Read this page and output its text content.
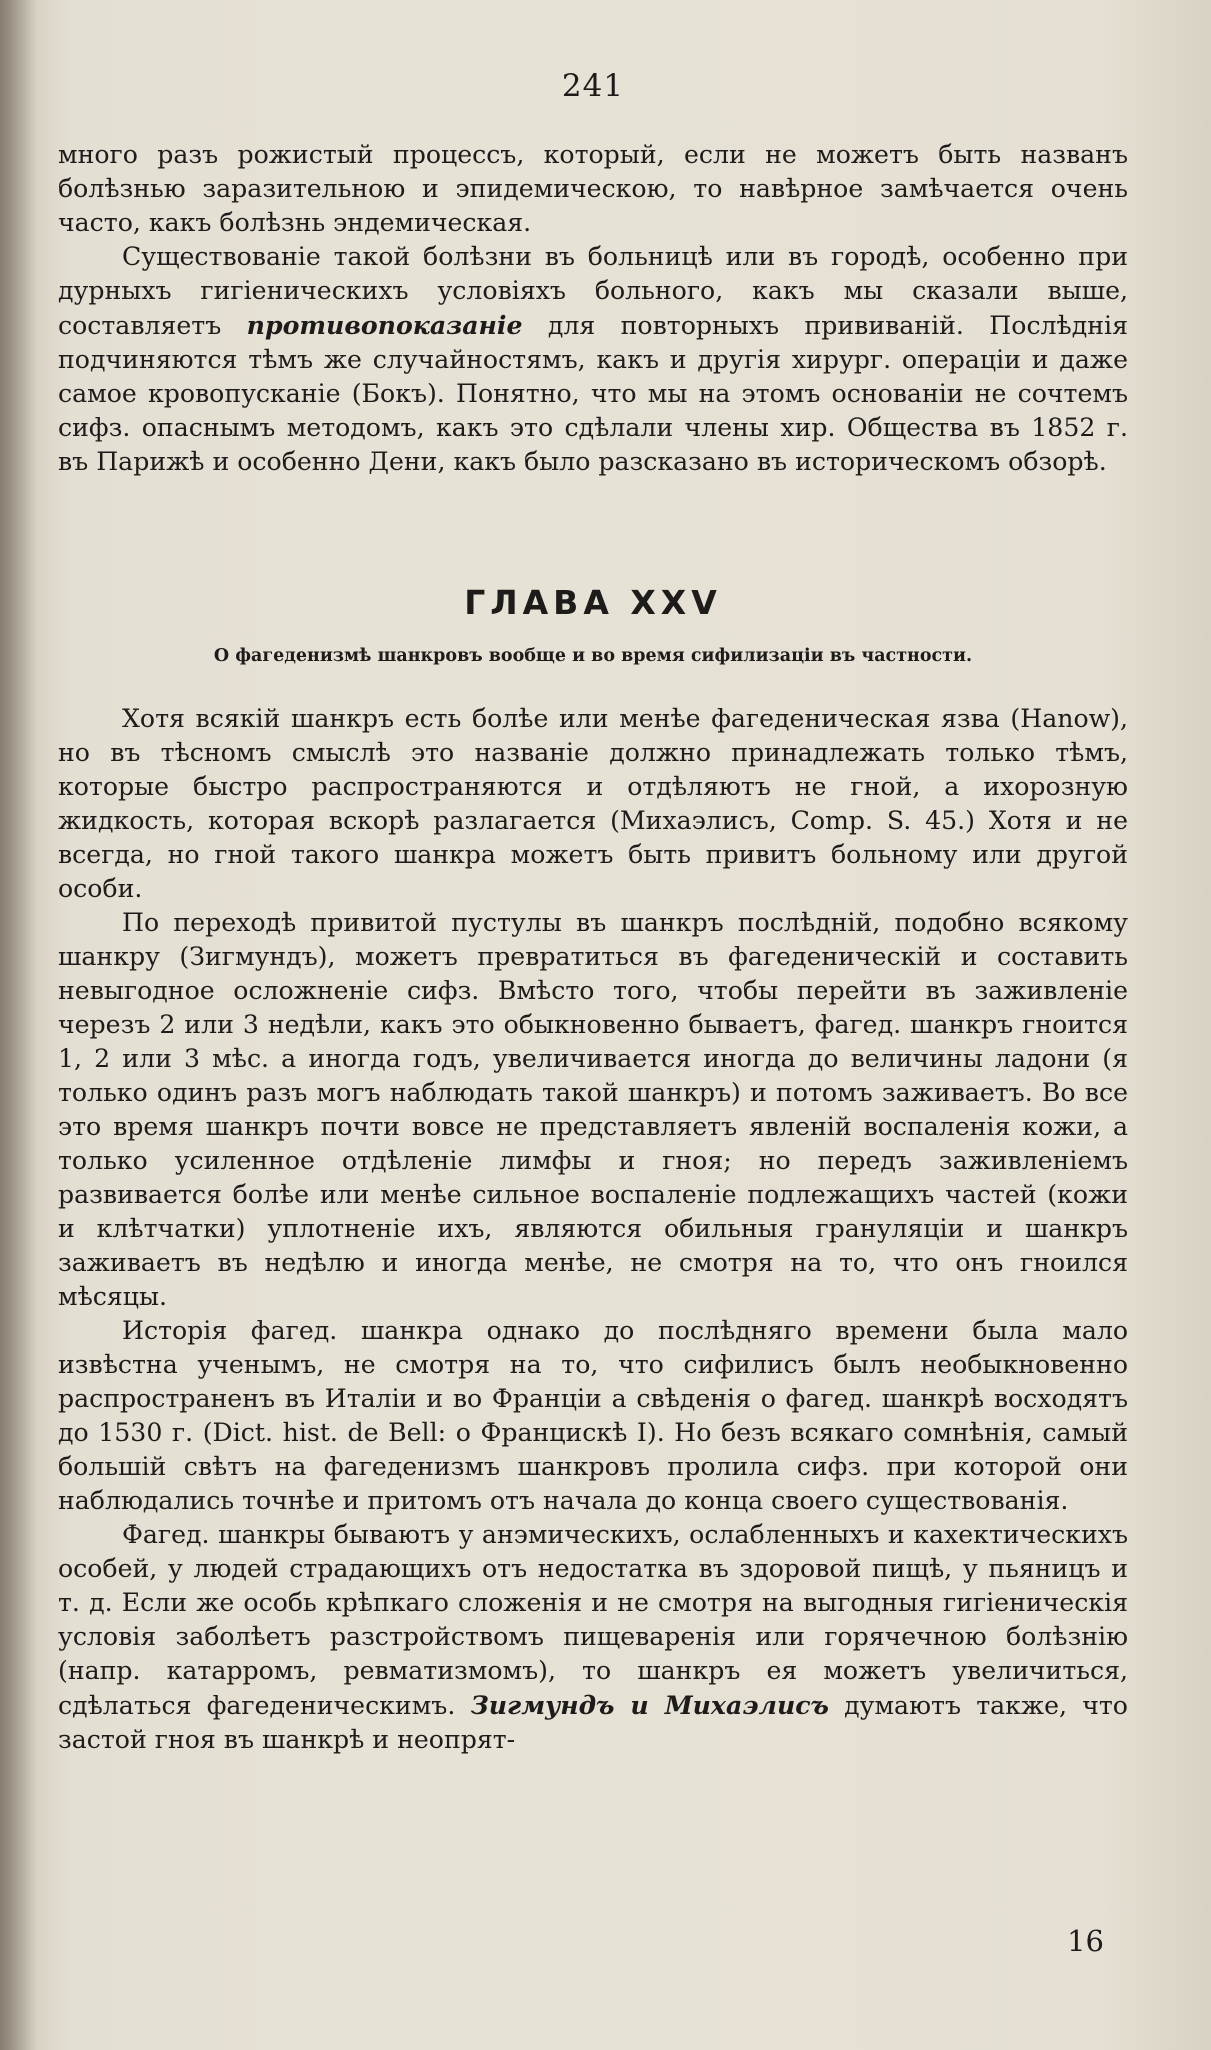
241

много разъ рожистый процессъ, который, если не можетъ быть названъ болѣзнью заразительною и эпидемическою, то навѣрное замѣчается очень часто, какъ болѣзнь эндемическая.

Существованіе такой болѣзни въ больницѣ или въ городѣ, особенно при дурныхъ гигіеническихъ условіяхъ больного, какъ мы сказали выше, составляетъ противопоказаніе для повторныхъ прививаній. Послѣднія подчиняются тѣмъ же случайностямъ, какъ и другія хирург. операціи и даже самое кровопусканіе (Бокъ). Понятно, что мы на этомъ основаніи не сочтемъ сифз. опаснымъ методомъ, какъ это сдѣлали члены хир. Общества въ 1852 г. въ Парижѣ и особенно Дени, какъ было разсказано въ историческомъ обзорѣ.

ГЛАВА XXV
О фагеденизмѣ шанкровъ вообще и во время сифилизаціи въ частности.

Хотя всякій шанкръ есть болѣе или менѣе фагеденическая язва (Hanow), но въ тѣсномъ смыслѣ это названіе должно принадлежать только тѣмъ, которые быстро распространяются и отдѣляютъ не гной, а ихорозную жидкость, которая вскорѣ разлагается (Михаэлисъ, Comp. S. 45.) Хотя и не всегда, но гной такого шанкра можетъ быть привитъ больному или другой особи.

По переходѣ привитой пустулы въ шанкръ послѣдній, подобно всякому шанкру (Зигмундъ), можетъ превратиться въ фагеденическій и составить невыгодное осложненіе сифз. Вмѣсто того, чтобы перейти въ заживленіе черезъ 2 или 3 недѣли, какъ это обыкновенно бываетъ, фагед. шанкръ гноится 1, 2 или 3 мѣс. а иногда годъ, увеличивается иногда до величины ладони (я только одинъ разъ могъ наблюдать такой шанкръ) и потомъ заживаетъ. Во все это время шанкръ почти вовсе не представляетъ явленій воспаленія кожи, а только усиленное отдѣленіе лимфы и гноя; но передъ заживленіемъ развивается болѣе или менѣе сильное воспаленіе подлежащихъ частей (кожи и клѣтчатки) уплотненіе ихъ, являются обильныя грануляціи и шанкръ заживаетъ въ недѣлю и иногда менѣе, не смотря на то, что онъ гноился мѣсяцы.

Исторія фагед. шанкра однако до послѣдняго времени была мало извѣстна ученымъ, не смотря на то, что сифилисъ былъ необыкновенно распространенъ въ Италіи и во Франціи а свѣденія о фагед. шанкрѣ восходятъ до 1530 г. (Dict. hist. de Bell: о Францискѣ I). Но безъ всякаго сомнѣнія, самый большій свѣтъ на фагеденизмъ шанкровъ пролила сифз. при которой они наблюдались точнѣе и притомъ отъ начала до конца своего существованія.

Фагед. шанкры бываютъ у анэмическихъ, ослабленныхъ и кахектическихъ особей, у людей страдающихъ отъ недостатка въ здоровой пищѣ, у пьяницъ и т. д. Если же особь крѣпкаго сложенія и не смотря на выгодныя гигіеническія условія заболѣетъ разстройствомъ пищеваренія или горячечною болѣзнію (напр. катарромъ, ревматизмомъ), то шанкръ ея можетъ увеличиться, сдѣлаться фагеденическимъ. Зигмундъ и Михаэлисъ думаютъ также, что застой гноя въ шанкрѣ и неопрят-

16
